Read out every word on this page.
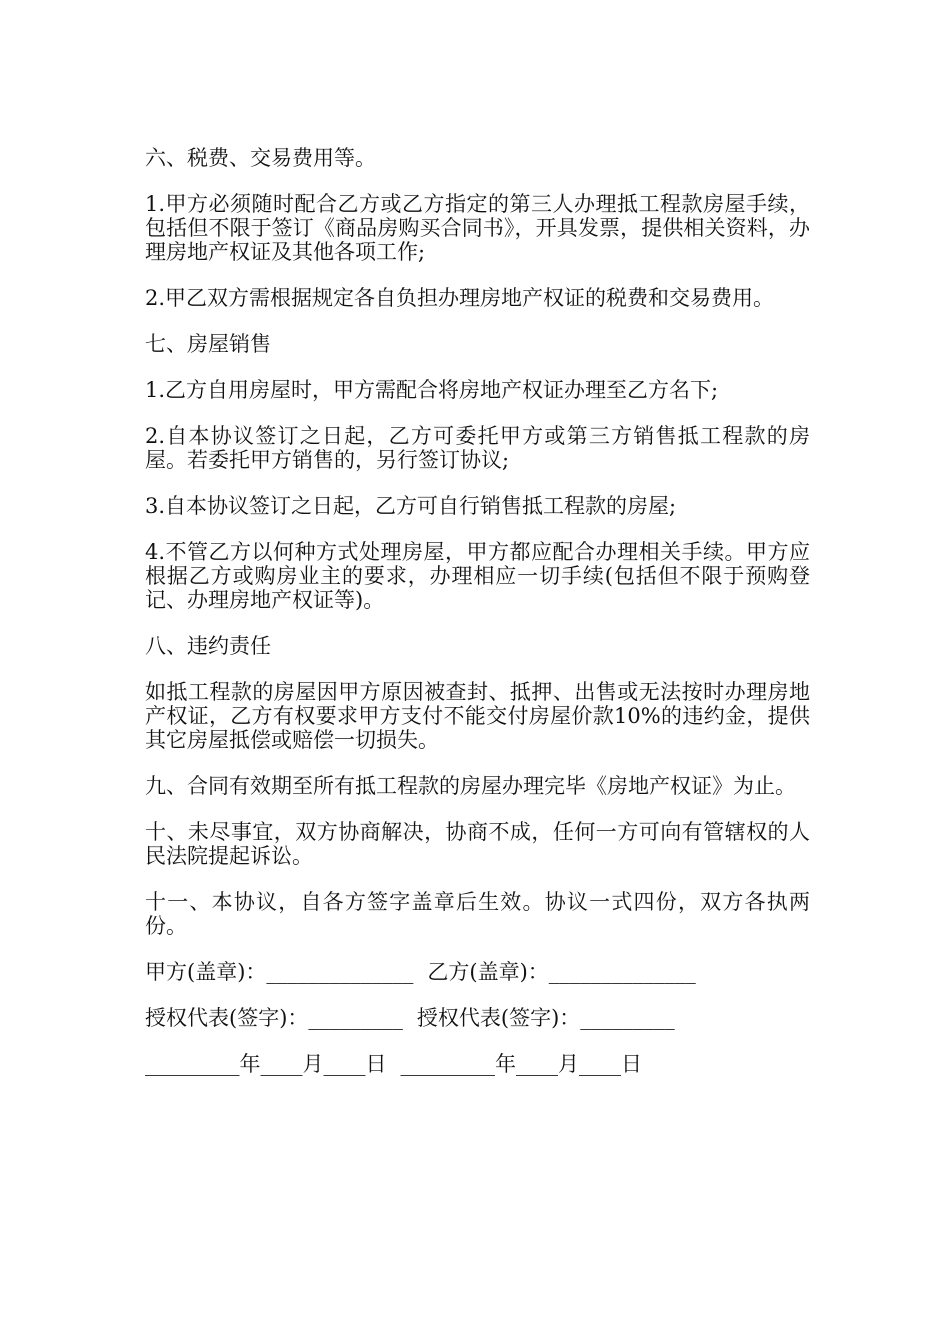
六、税费、交易费用等。

1.甲方必须随时配合乙方或乙方指定的第三人办理抵工程款房屋手续，包括但不限于签订《商品房购买合同书》，开具发票，提供相关资料，办理房地产权证及其他各项工作;

2.甲乙双方需根据规定各自负担办理房地产权证的税费和交易费用。

七、房屋销售

1.乙方自用房屋时，甲方需配合将房地产权证办理至乙方名下;

2.自本协议签订之日起，乙方可委托甲方或第三方销售抵工程款的房屋。若委托甲方销售的，另行签订协议;

3.自本协议签订之日起，乙方可自行销售抵工程款的房屋;

4.不管乙方以何种方式处理房屋，甲方都应配合办理相关手续。甲方应根据乙方或购房业主的要求，办理相应一切手续(包括但不限于预购登记、办理房地产权证等)。

八、违约责任

如抵工程款的房屋因甲方原因被查封、抵押、出售或无法按时办理房地产权证，乙方有权要求甲方支付不能交付房屋价款10%的违约金，提供其它房屋抵偿或赔偿一切损失。

九、合同有效期至所有抵工程款的房屋办理完毕《房地产权证》为止。

十、未尽事宜，双方协商解决，协商不成，任何一方可向有管辖权的人民法院提起诉讼。

十一、本协议，自各方签字盖章后生效。协议一式四份，双方各执两份。

甲方(盖章)：______________ 乙方(盖章)：______________
授权代表(签字)：_________ 授权代表(签字)：_________
_________年____月____日 _________年____月____日
